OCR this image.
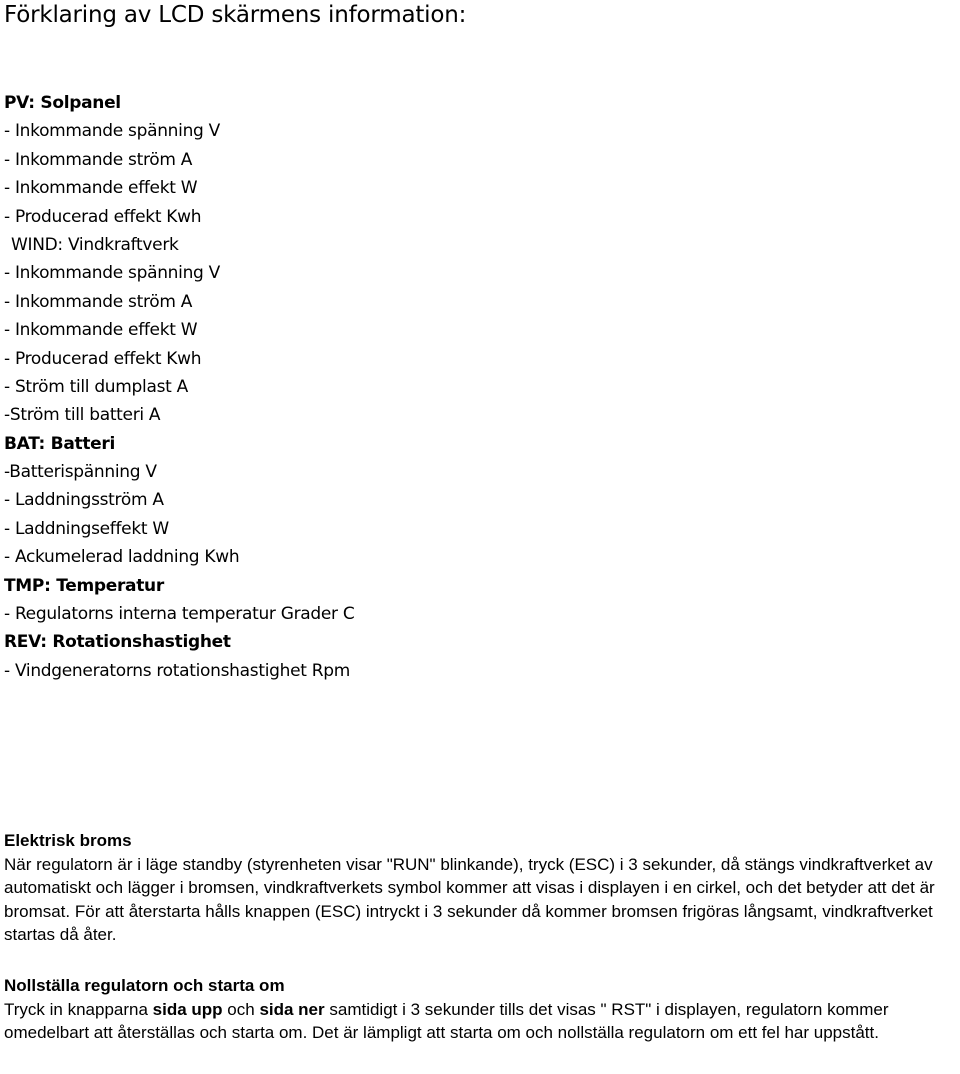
Förklaring av LCD skärmens information:
PV: Solpanel
- Inkommande spänning V
- Inkommande ström A
- Inkommande effekt W
- Producerad effekt Kwh
WIND: Vindkraftverk
- Inkommande spänning V
- Inkommande ström A
- Inkommande effekt W
- Producerad effekt Kwh
- Ström till dumplast A
-Ström till batteri A
BAT: Batteri
-Batterispänning V
- Laddningsström A
- Laddningseffekt W
- Ackumelerad laddning Kwh
TMP: Temperatur
- Regulatorns interna temperatur Grader C
REV: Rotationshastighet
- Vindgeneratorns rotationshastighet Rpm
Elektrisk broms

När regulatorn är i läge standby (styrenheten visar "RUN" blinkande), tryck (ESC) i 3 sekunder, då stängs vindkraftverket av automatiskt och lägger i bromsen, vindkraftverkets symbol kommer att visas i displayen i en cirkel, och det betyder att det är bromsat. För att återstarta hålls knappen (ESC) intryckt i 3 sekunder då kommer bromsen frigöras långsamt, vindkraftverket startas då åter.

Nollställa regulatorn och starta om

Tryck in knapparna sida upp och sida ner samtidigt i 3 sekunder tills det visas " RST" i displayen, regulatorn kommer omedelbart att återställas och starta om. Det är lämpligt att starta om och nollställa regulatorn om ett fel har uppstått.
